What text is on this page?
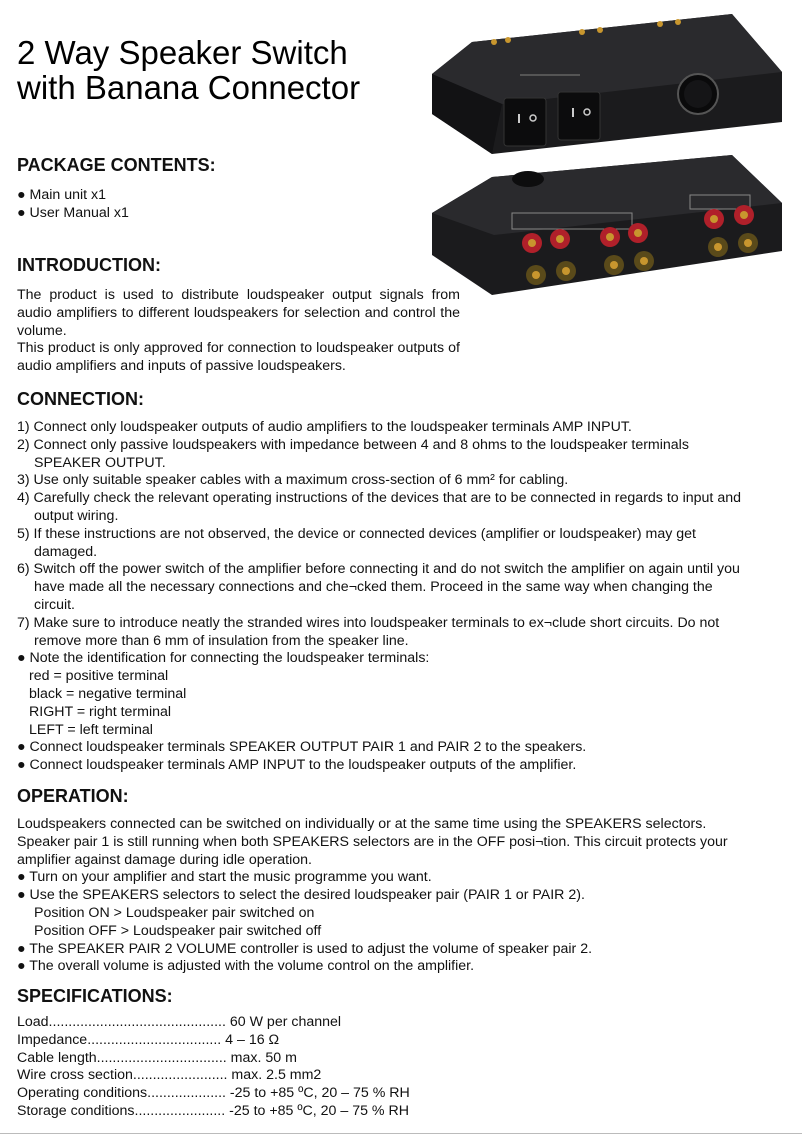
2 Way Speaker Switch
with Banana Connector
PACKAGE CONTENTS:
● Main unit x1
● User Manual x1
INTRODUCTION:
The product is used to distribute loudspeaker output signals from audio amplifiers to different loudspeakers for selection and control the volume.
This product is only approved for connection to loudspeaker outputs of audio amplifiers and inputs of passive loudspeakers.
CONNECTION:
1) Connect only loudspeaker outputs of audio amplifiers to the loudspeaker terminals AMP INPUT.
2) Connect only passive loudspeakers with impedance between 4 and 8 ohms to the loudspeaker terminals
SPEAKER OUTPUT.
3) Use only suitable speaker cables with a maximum cross-section of 6 mm² for cabling.
4) Carefully check the relevant operating instructions of the devices that are to be connected in regards to input and
output wiring.
5) If these instructions are not observed, the device or connected devices (amplifier or loudspeaker) may get
damaged.
6) Switch off the power switch of the amplifier before connecting it and do not switch the amplifier on again until you
have made all the necessary connections and che¬cked them. Proceed in the same way when changing the
circuit.
7) Make sure to introduce neatly the stranded wires into loudspeaker terminals to ex¬clude short circuits. Do not
remove more than 6 mm of insulation from the speaker line.
● Note the identification for connecting the loudspeaker terminals:
red = positive terminal
black = negative terminal
RIGHT = right terminal
LEFT = left terminal
● Connect loudspeaker terminals SPEAKER OUTPUT PAIR 1 and PAIR 2 to the speakers.
● Connect loudspeaker terminals AMP INPUT to the loudspeaker outputs of the amplifier.
OPERATION:
Loudspeakers connected can be switched on individually or at the same time using the SPEAKERS selectors.
Speaker pair 1 is still running when both SPEAKERS selectors are in the OFF posi¬tion. This circuit protects your
amplifier against damage during idle operation.
● Turn on your amplifier and start the music programme you want.
● Use the SPEAKERS selectors to select the desired loudspeaker pair (PAIR 1 or PAIR 2).
Position ON > Loudspeaker pair switched on
Position OFF > Loudspeaker pair switched off
● The SPEAKER PAIR 2 VOLUME controller is used to adjust the volume of speaker pair 2.
● The overall volume is adjusted with the volume control on the amplifier.
SPECIFICATIONS:
Load............................................. 60 W per channel
Impedance.................................. 4 – 16 Ω
Cable length................................. max. 50 m
Wire cross section........................ max. 2.5 mm2
Operating conditions.................... -25 to +85 ºC, 20 – 75 % RH
Storage conditions....................... -25 to +85 ºC, 20 – 75 % RH
